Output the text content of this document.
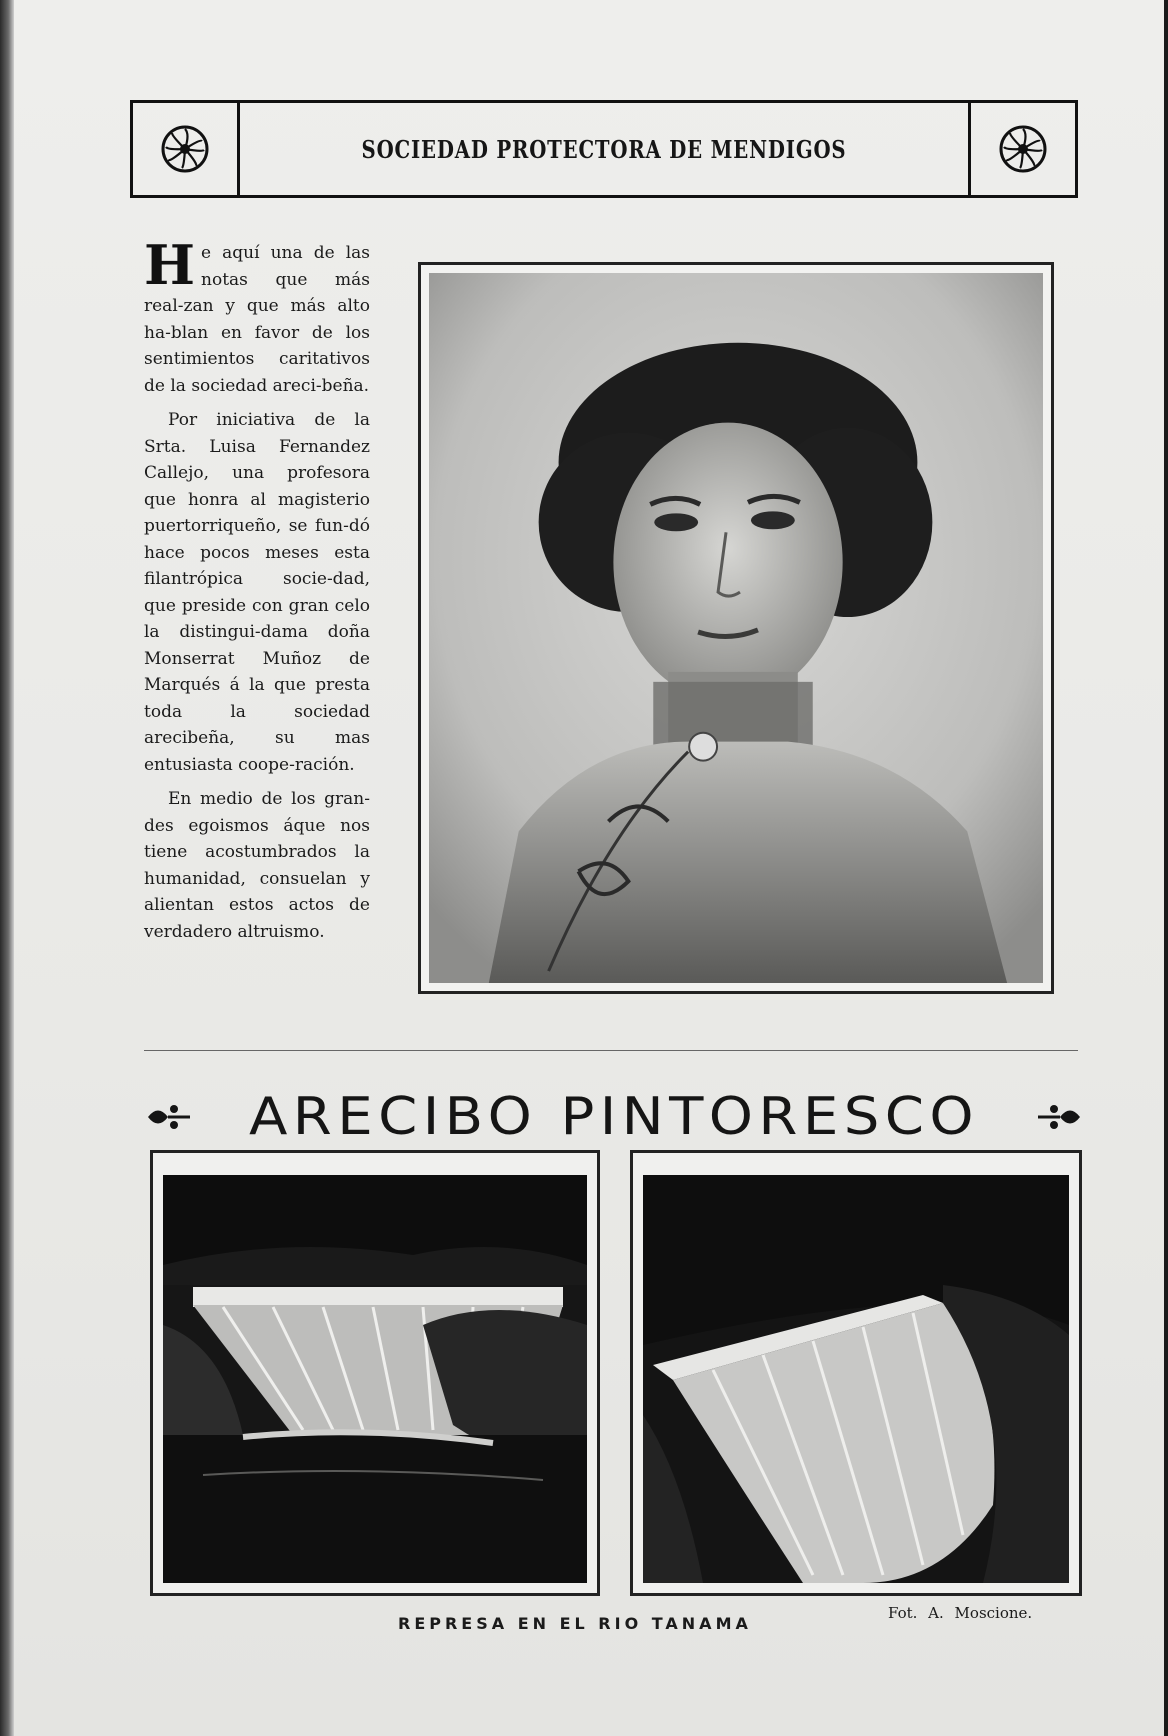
SOCIEDAD PROTECTORA DE MENDIGOS

He aquí una de las notas que más real-zan y que más alto ha-blan en favor de los sentimientos caritativos de la sociedad areci-beña.

Por iniciativa de la Srta. Luisa Fernandez Callejo, una profesora que honra al magisterio puertorriqueño, se fun-dó hace pocos meses esta filantrópica socie-dad, que preside con gran celo la distingui-dama doña Monserrat Muñoz de Marqués á la que presta toda la sociedad arecibeña, su mas entusiasta coope-ración.

En medio de los gran-des egoismos áque nos tiene acostumbrados la humanidad, consuelan y alientan estos actos de verdadero altruismo.

ARECIBO PINTORESCO
REPRESA EN EL RIO TANAMA
Fot. A. Moscione.
